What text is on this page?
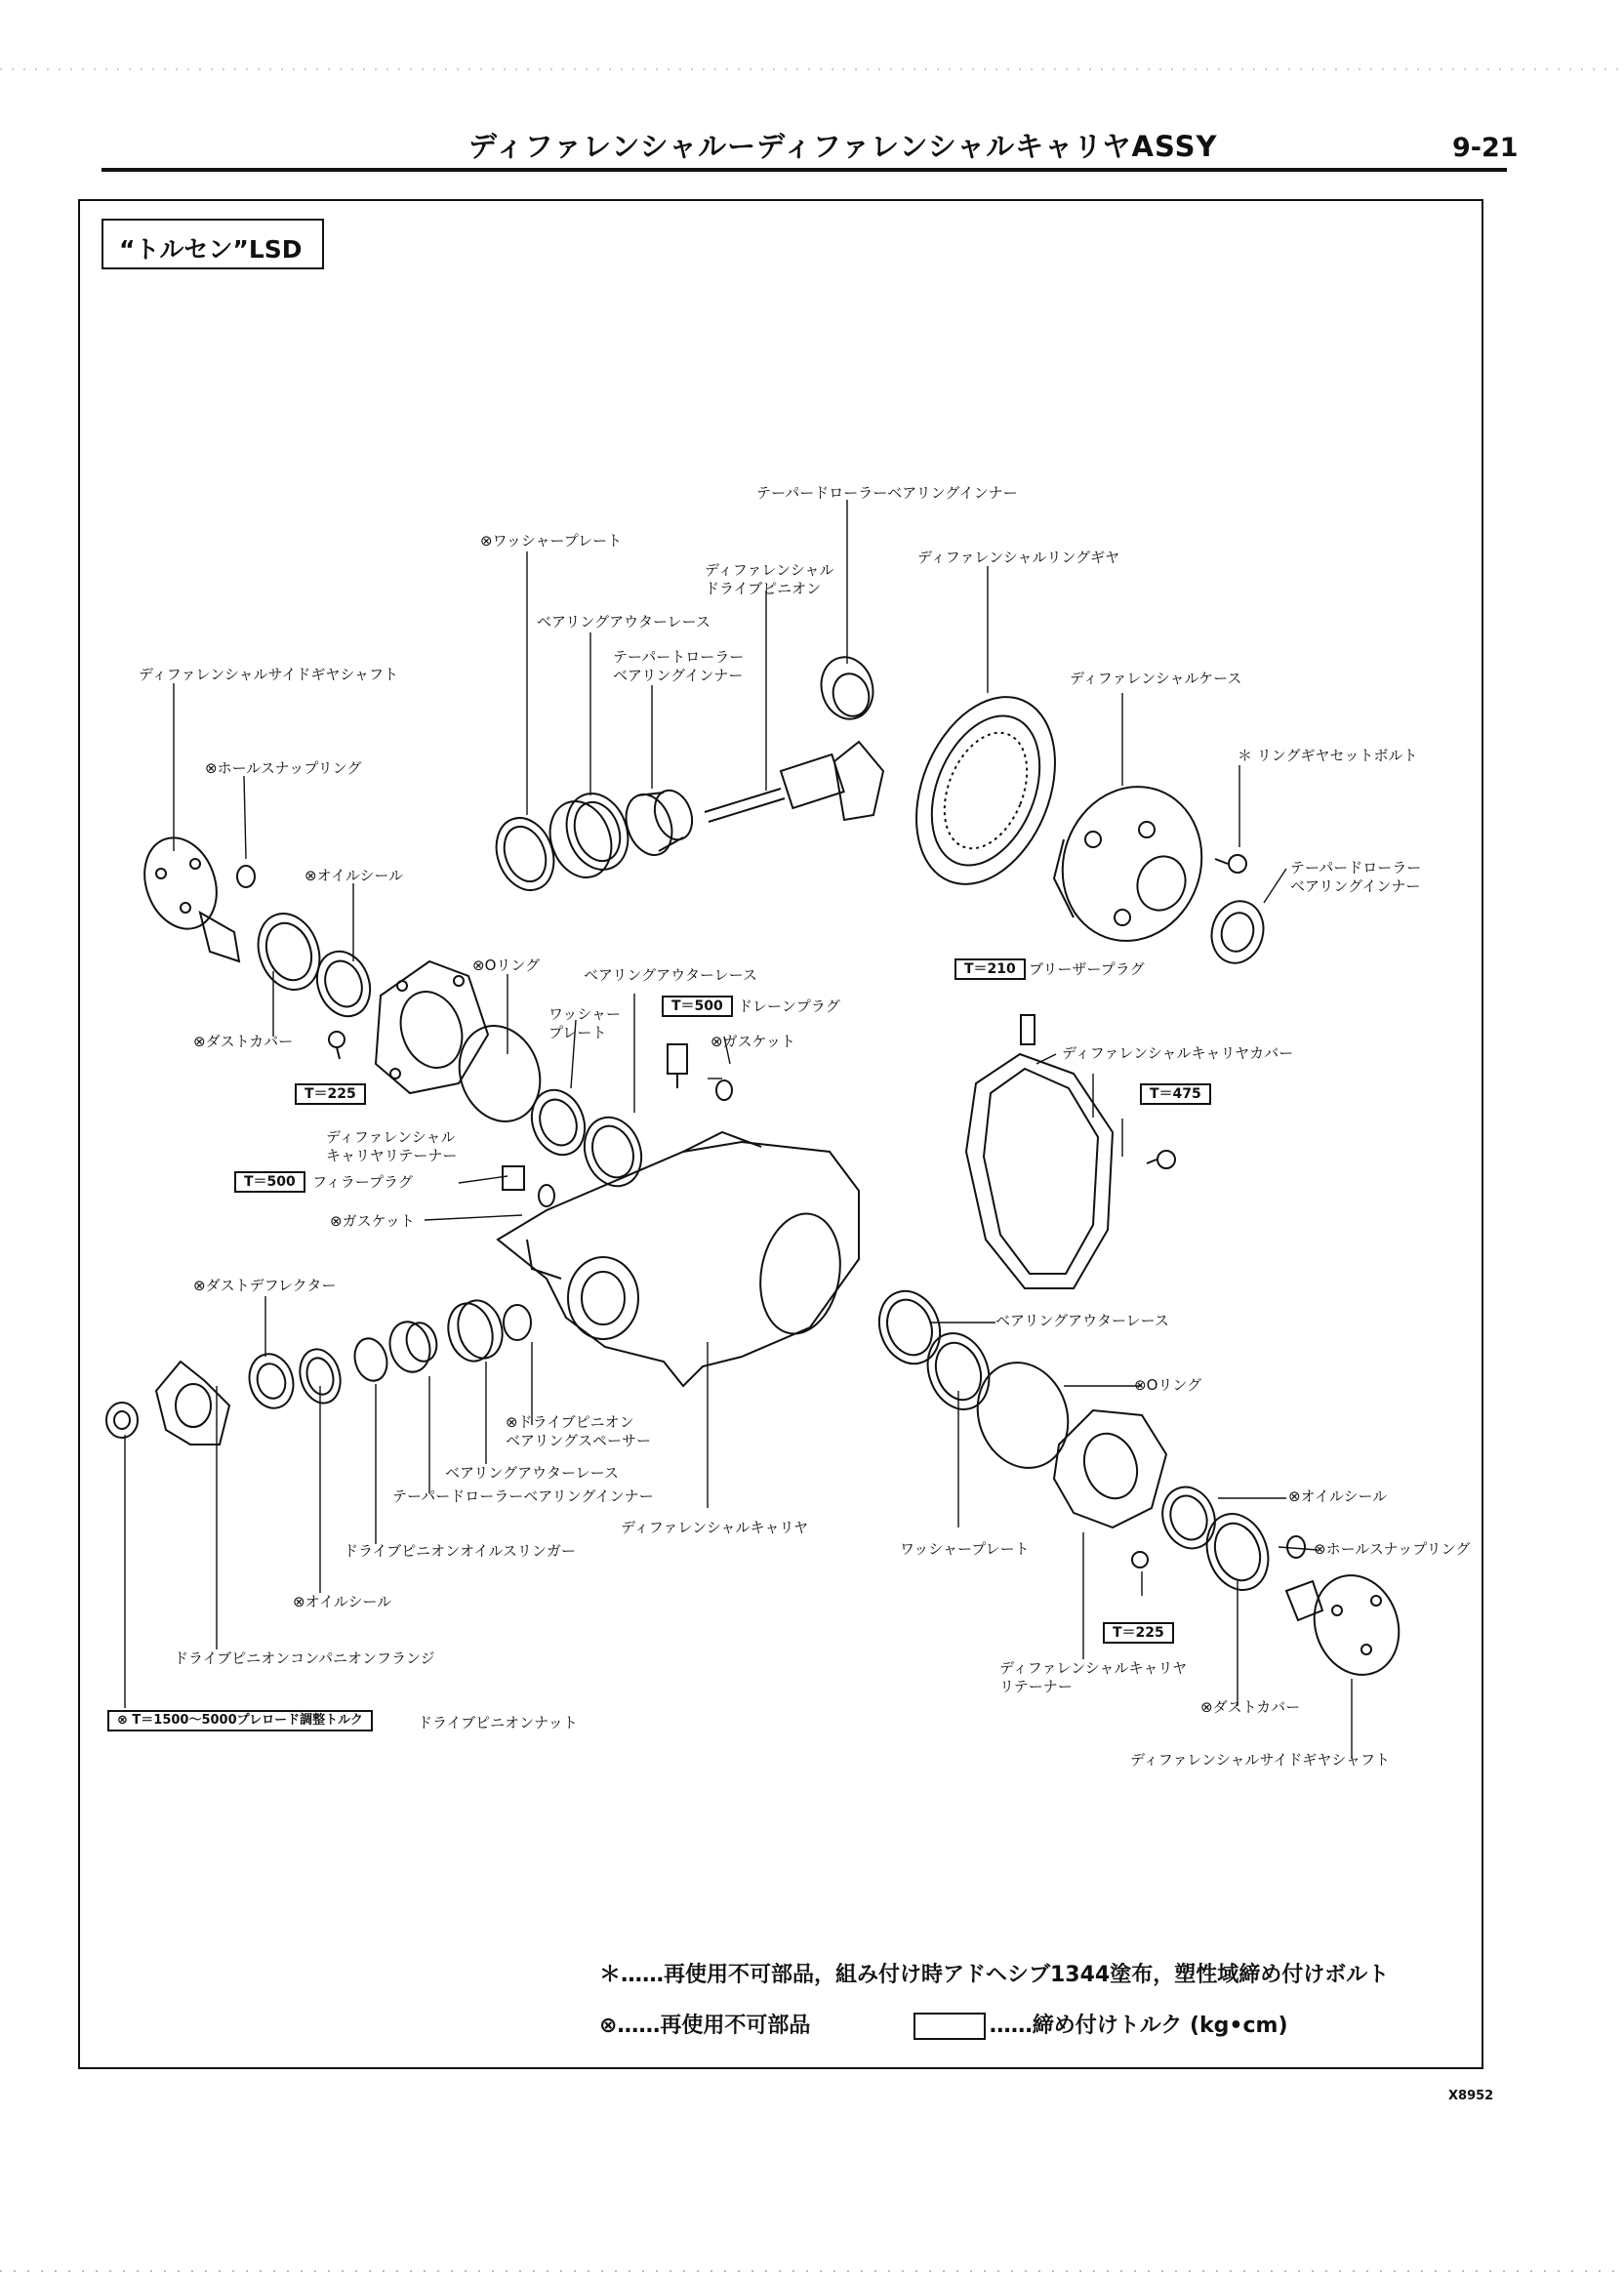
ディファレンシャルーディファレンシャルキャリヤASSY	9-21
“トルセン”LSD
⊗ワッシャープレート
ベアリングアウターレース
テーパートローラー
ベアリングインナー
ディファレンシャル
ドライブピニオン
テーパードローラーベアリングインナー
ディファレンシャルリングギヤ
ディファレンシャルケース
＊ リングギヤセットボルト
テーパードローラー
ベアリングインナー
ディファレンシャルサイドギヤシャフト
⊗ホールスナップリング
⊗オイルシール
⊗ダストカバー
⊗Oリング
ベアリングアウターレース
ワッシャー
プレート
T＝500	ドレーンプラグ
⊗ガスケット
T＝210 ブリーザープラグ
ディファレンシャルキャリヤカバー
T＝475
T＝225
ディファレンシャル
キャリヤリテーナー
T＝500	フィラープラグ
⊗ガスケット
⊗ダストデフレクター
ベアリングアウターレース
⊗Oリング
⊗ドライブピニオン
ベアリングスペーサー
ベアリングアウターレース
テーパードローラーベアリングインナー
ディファレンシャルキャリヤ
ドライブピニオンオイルスリンガー
⊗オイルシール
ドライブピニオンコンパニオンフランジ
⊗ T＝1500〜5000プレロード調整トルク	ドライブピニオンナット
ワッシャープレート
⊗オイルシール
⊗ホールスナップリング
T＝225
ディファレンシャルキャリヤ
リテーナー
⊗ダストカバー
ディファレンシャルサイドギヤシャフト
＊……再使用不可部品，組み付け時アドヘシブ1344塗布，塑性域締め付けボルト
⊗……再使用不可部品	……締め付けトルク (kg•cm)
X8952
